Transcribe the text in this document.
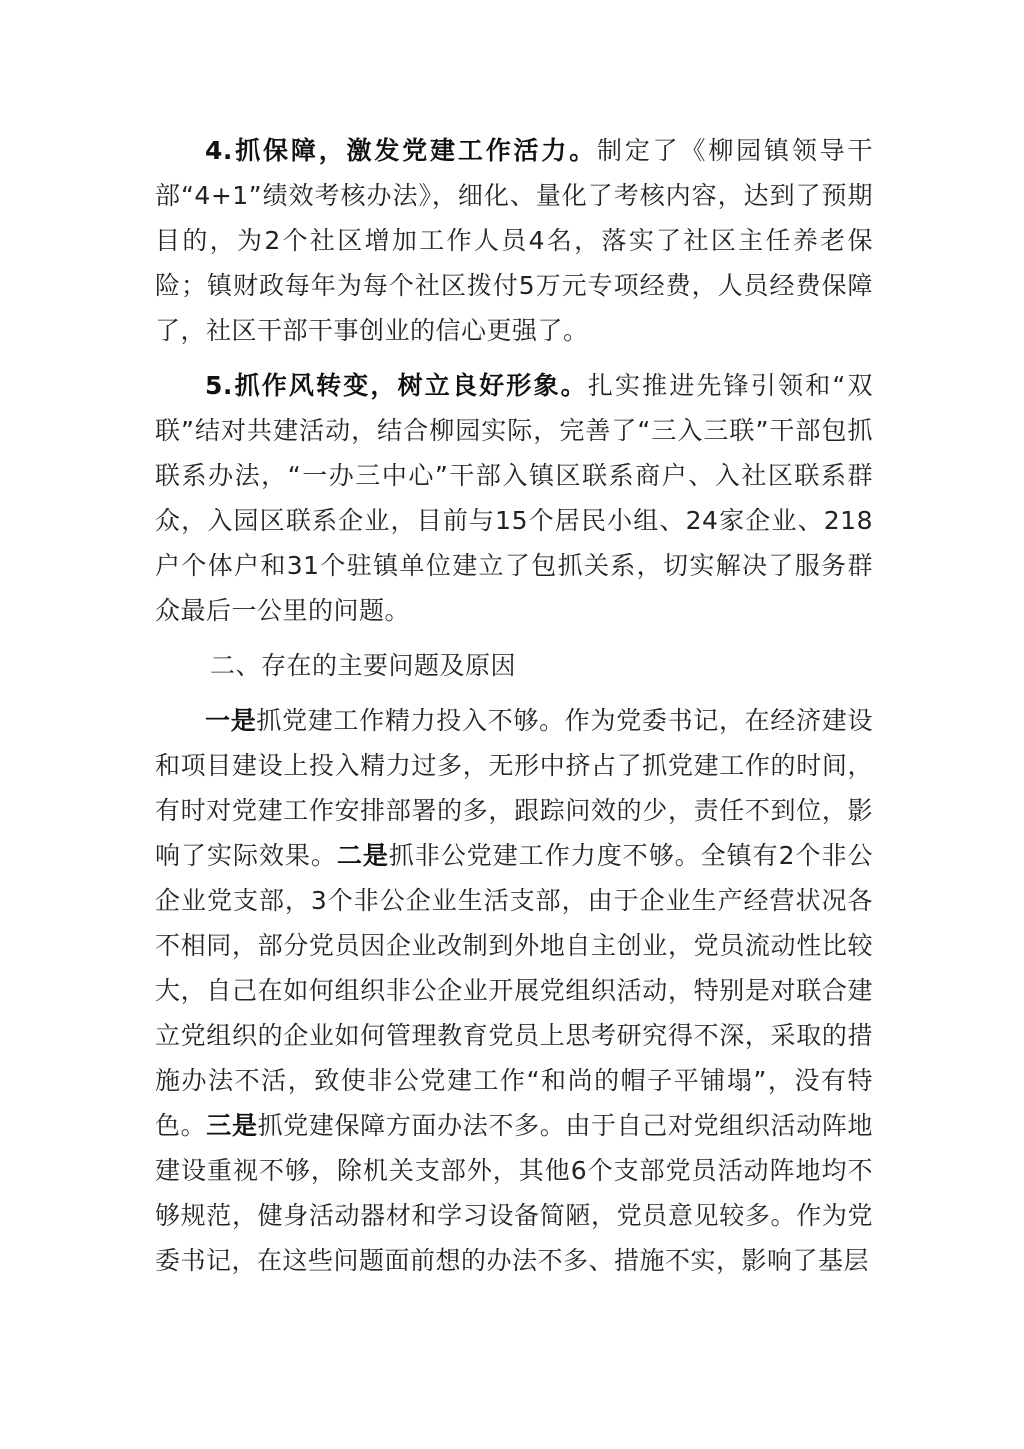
4.抓保障，激发党建工作活力。制定了《柳园镇领导干部“4+1”绩效考核办法》，细化、量化了考核内容，达到了预期目的，为2个社区增加工作人员4名，落实了社区主任养老保险；镇财政每年为每个社区拨付5万元专项经费，人员经费保障了，社区干部干事创业的信心更强了。

5.抓作风转变，树立良好形象。扎实推进先锋引领和“双联”结对共建活动，结合柳园实际，完善了“三入三联”干部包抓联系办法，“一办三中心”干部入镇区联系商户、入社区联系群众，入园区联系企业，目前与15个居民小组、24家企业、218户个体户和31个驻镇单位建立了包抓关系，切实解决了服务群众最后一公里的问题。

二、存在的主要问题及原因

一是抓党建工作精力投入不够。作为党委书记，在经济建设和项目建设上投入精力过多，无形中挤占了抓党建工作的时间，有时对党建工作安排部署的多，跟踪问效的少，责任不到位，影响了实际效果。二是抓非公党建工作力度不够。全镇有2个非公企业党支部，3个非公企业生活支部，由于企业生产经营状况各不相同，部分党员因企业改制到外地自主创业，党员流动性比较大，自己在如何组织非公企业开展党组织活动，特别是对联合建立党组织的企业如何管理教育党员上思考研究得不深，采取的措施办法不活，致使非公党建工作“和尚的帽子平铺塌”，没有特色。三是抓党建保障方面办法不多。由于自己对党组织活动阵地建设重视不够，除机关支部外，其他6个支部党员活动阵地均不够规范，健身活动器材和学习设备简陋，党员意见较多。作为党委书记，在这些问题面前想的办法不多、措施不实，影响了基层
